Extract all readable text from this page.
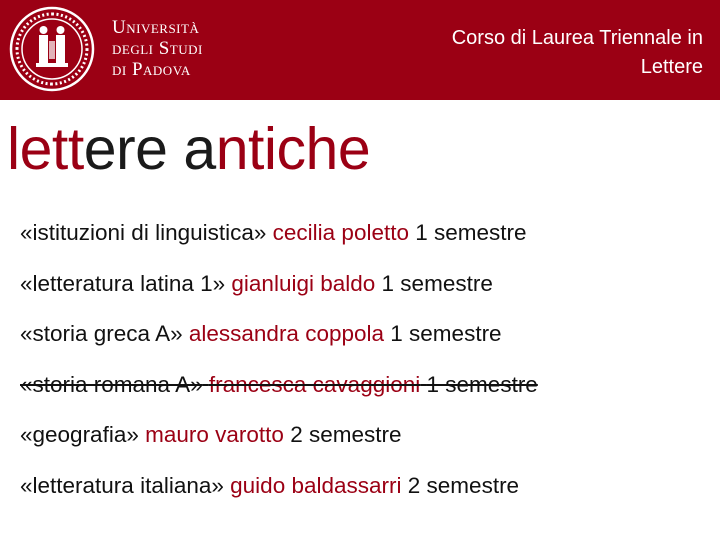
Università
degli Studi
di Padova
Corso di Laurea Triennale in
Lettere
lettere antiche
«istituzioni di linguistica» cecilia poletto 1 semestre
«letteratura latina 1» gianluigi baldo 1 semestre
«storia greca A» alessandra coppola 1 semestre
«storia romana A» francesca cavaggioni 1 semestre
«geografia» mauro varotto 2 semestre
«letteratura italiana» guido baldassarri 2 semestre
